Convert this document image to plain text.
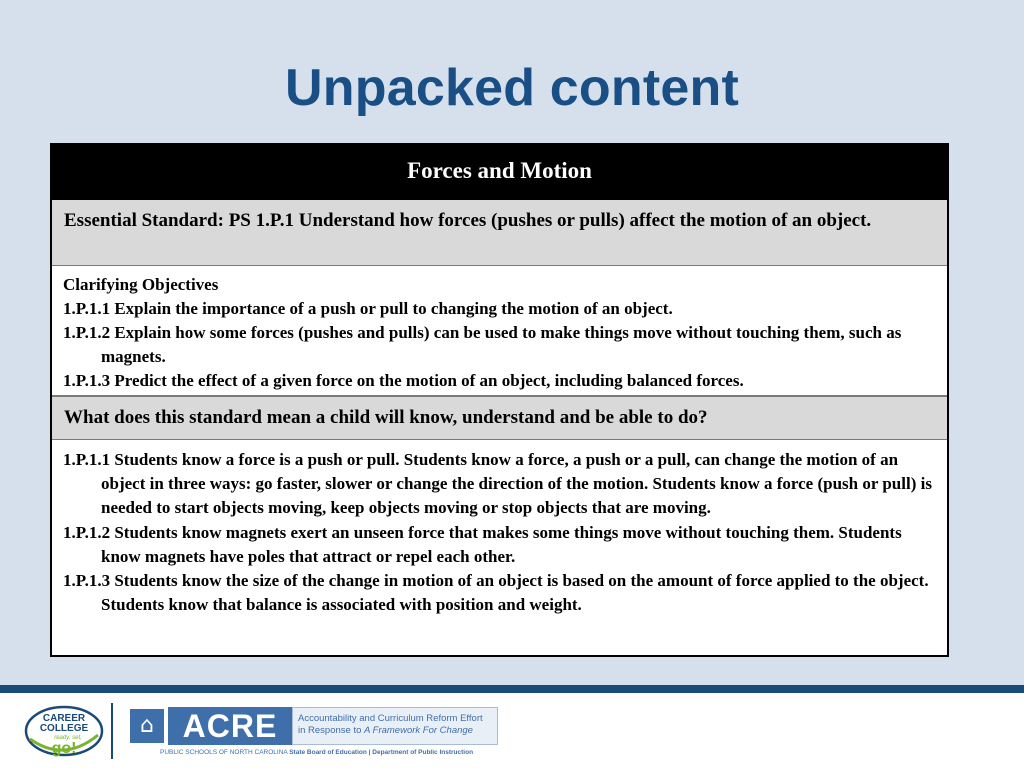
Unpacked content
Forces and Motion

Essential Standard: PS 1.P.1 Understand how forces (pushes or pulls) affect the motion of an object.

Clarifying Objectives

1.P.1.1 Explain the importance of a push or pull to changing the motion of an object.

1.P.1.2 Explain how some forces (pushes and pulls) can be used to make things move without touching them, such as magnets.

1.P.1.3 Predict the effect of a given force on the motion of an object, including balanced forces.

What does this standard mean a child will know, understand and be able to do?

1.P.1.1 Students know a force is a push or pull. Students know a force, a push or a pull, can change the motion of an object in three ways: go faster, slower or change the direction of the motion. Students know a force (push or pull) is needed to start objects moving, keep objects moving or stop objects that are moving.

1.P.1.2 Students know magnets exert an unseen force that makes some things move without touching them. Students know magnets have poles that attract or repel each other.

1.P.1.3 Students know the size of the change in motion of an object is based on the amount of force applied to the object. Students know that balance is associated with position and weight.

CAREER
COLLEGE
ready, set,
go!
⌂ ACRE	Accountability and Curriculum Reform Effort
in Response to A Framework For Change
PUBLIC SCHOOLS OF NORTH CAROLINA State Board of Education | Department of Public Instruction
